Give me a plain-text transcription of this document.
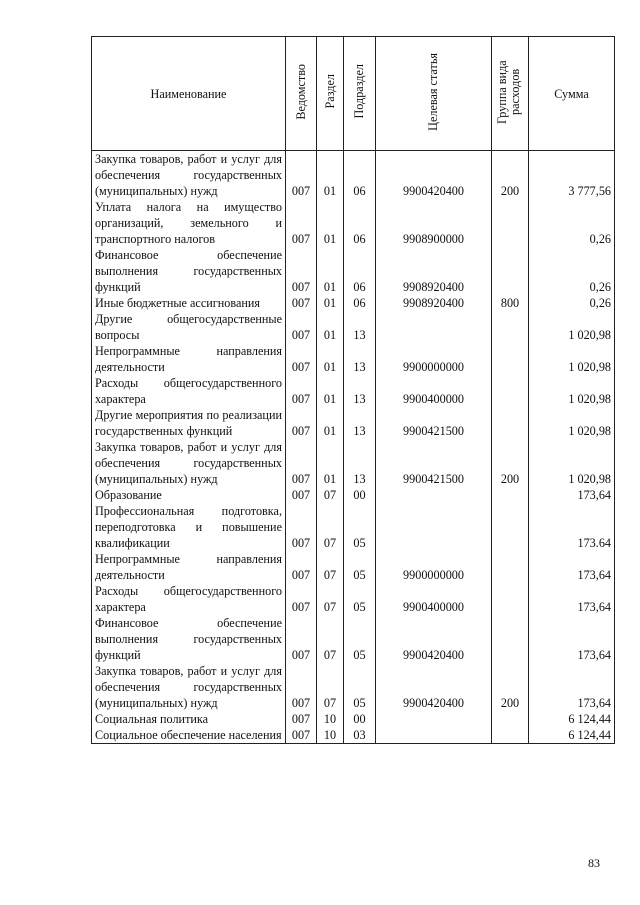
Наименование	Ведомство	Раздел	Подраздел	Целевая статья	Группа вида расходов	Сумма
Закупка товаров, работ и услуг для обеспечения государственных (муниципальных) нужд	007	01	06	9900420400	200	3 777,56
Уплата налога на имущество организаций, земельного и транспортного налогов	007	01	06	9908900000		0,26
Финансовое обеспечение выполнения государственных функций	007	01	06	9908920400		0,26
Иные бюджетные ассигнования	007	01	06	9908920400	800	0,26
Другие общегосударственные вопросы	007	01	13			1 020,98
Непрограммные направления деятельности	007	01	13	9900000000		1 020,98
Расходы общегосударственного характера	007	01	13	9900400000		1 020,98
Другие мероприятия по реализации государственных функций	007	01	13	9900421500		1 020,98
Закупка товаров, работ и услуг для обеспечения государственных (муниципальных) нужд	007	01	13	9900421500	200	1 020,98
Образование	007	07	00			173,64
Профессиональная подготовка, переподготовка и повышение квалификации	007	07	05			173.64
Непрограммные направления деятельности	007	07	05	9900000000		173,64
Расходы общегосударственного характера	007	07	05	9900400000		173,64
Финансовое обеспечение выполнения государственных функций	007	07	05	9900420400		173,64
Закупка товаров, работ и услуг для обеспечения государственных (муниципальных) нужд	007	07	05	9900420400	200	173,64
Социальная политика	007	10	00			6 124,44
Социальное обеспечение населения	007	10	03			6 124,44
83
